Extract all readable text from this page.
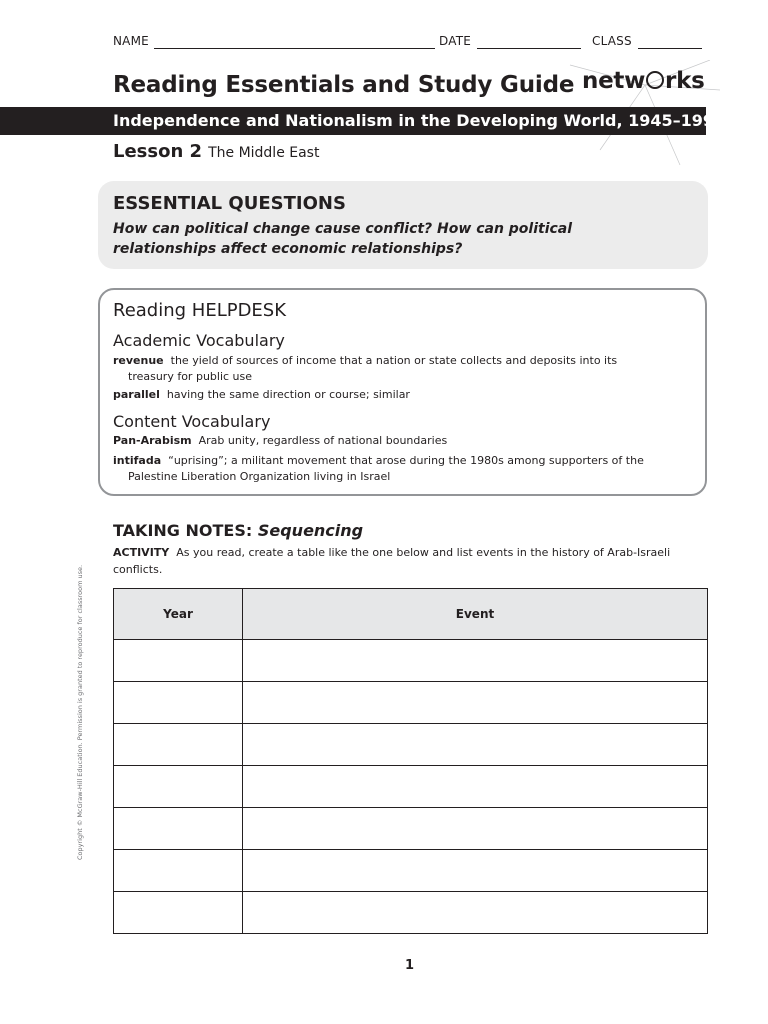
NAME	DATE	CLASS
Reading Essentials and Study Guide netw rks
Independence and Nationalism in the Developing World, 1945–1993
Lesson 2 The Middle East
ESSENTIAL QUESTIONS
How can political change cause conflict? How can political relationships affect economic relationships?
Reading HELPDESK
Academic Vocabulary
revenue the yield of sources of income that a nation or state collects and deposits into its
treasury for public use
parallel having the same direction or course; similar
Content Vocabulary
Pan-Arabism Arab unity, regardless of national boundaries
intifada “uprising”; a militant movement that arose during the 1980s among supporters of the
Palestine Liberation Organization living in Israel
TAKING NOTES: Sequencing
ACTIVITY As you read, create a table like the one below and list events in the history of Arab-Israeli conflicts.
Year	Event

Copyright © McGraw-Hill Education. Permission is granted to reproduce for classroom use.
1
